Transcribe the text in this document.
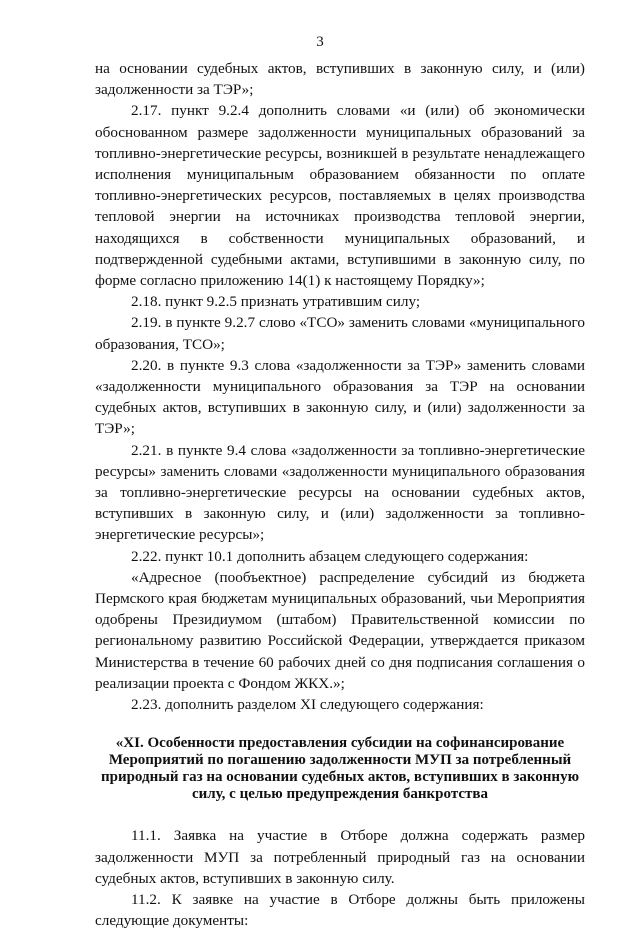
3

на основании судебных актов, вступивших в законную силу, и (или) задолженности за ТЭР»;

2.17. пункт 9.2.4 дополнить словами «и (или) об экономически обоснованном размере задолженности муниципальных образований за топливно-энергетические ресурсы, возникшей в результате ненадлежащего исполнения муниципальным образованием обязанности по оплате топливно-энергетических ресурсов, поставляемых в целях производства тепловой энергии на источниках производства тепловой энергии, находящихся в собственности муниципальных образований, и подтвержденной судебными актами, вступившими в законную силу, по форме согласно приложению 14(1) к настоящему Порядку»;

2.18. пункт 9.2.5 признать утратившим силу;

2.19. в пункте 9.2.7 слово «ТСО» заменить словами «муниципального образования, ТСО»;

2.20. в пункте 9.3 слова «задолженности за ТЭР» заменить словами «задолженности муниципального образования за ТЭР на основании судебных актов, вступивших в законную силу, и (или) задолженности за ТЭР»;

2.21. в пункте 9.4 слова «задолженности за топливно-энергетические ресурсы» заменить словами «задолженности муниципального образования за топливно-энергетические ресурсы на основании судебных актов, вступивших в законную силу, и (или) задолженности за топливно-энергетические ресурсы»;

2.22. пункт 10.1 дополнить абзацем следующего содержания:

«Адресное (пообъектное) распределение субсидий из бюджета Пермского края бюджетам муниципальных образований, чьи Мероприятия одобрены Президиумом (штабом) Правительственной комиссии по региональному развитию Российской Федерации, утверждается приказом Министерства в течение 60 рабочих дней со дня подписания соглашения о реализации проекта с Фондом ЖКХ.»;

2.23. дополнить разделом XI следующего содержания:

«XI. Особенности предоставления субсидии на софинансирование Мероприятий по погашению задолженности МУП за потребленный природный газ на основании судебных актов, вступивших в законную силу, с целью предупреждения банкротства

11.1. Заявка на участие в Отборе должна содержать размер задолженности МУП за потребленный природный газ на основании судебных актов, вступивших в законную силу.

11.2. К заявке на участие в Отборе должны быть приложены следующие документы:
